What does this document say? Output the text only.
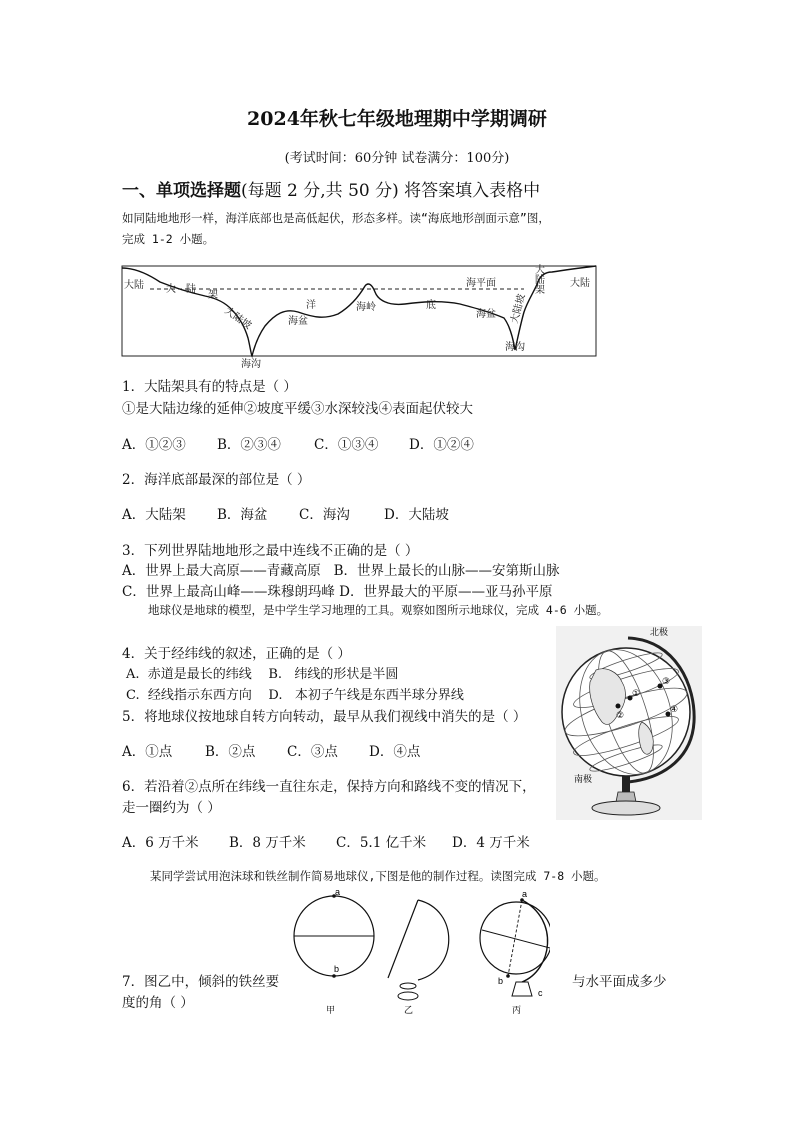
2024年秋七年级地理期中学期调研
(考试时间：60分钟 试卷满分：100分)
一、单项选择题(每题 2 分,共 50 分) 将答案填入表格中
如同陆地地形一样，海洋底部也是高低起伏，形态多样。读“海底地形剖面示意”图，
完成 1-2 小题。
大陆 大 陆
架
大陆坡
海沟
洋
海盆
海岭	底
海平面
海盆
海沟
大陆坡
大陆架	大陆
1．大陆架具有的特点是（ ）
①是大陆边缘的延伸②坡度平缓③水深较浅④表面起伏较大
A．①②③ B．②③④ C．①③④ D．①②④
2．海洋底部最深的部位是（ ）
A．大陆架 B．海盆 C．海沟	D．大陆坡
3．下列世界陆地地形之最中连线不正确的是（ ）
A．世界上最大高原——青藏高原   B．世界上最长的山脉——安第斯山脉
C．世界上最高山峰——珠穆朗玛峰 D．世界最大的平原——亚马孙平原
地球仪是地球的模型，是中学生学习地理的工具。观察如图所示地球仪，完成 4-6 小题。
4．关于经纬线的叙述，正确的是（ ）
A.  赤道是最长的纬线    B.   纬线的形状是半圆
C.  经线指示东西方向    D.   本初子午线是东西半球分界线
5．将地球仪按地球自转方向转动，最早从我们视线中消失的是（ ）
A．①点 B．②点 C．③点 D．④点
6．若沿着②点所在纬线一直往东走，保持方向和路线不变的情况下，
走一圈约为（ ）
A．6 万千米 B．8 万千米 C．5.1 亿千米 D．4 万千米
北极
南极
①
②
③
④
某同学尝试用泡沫球和铁丝制作简易地球仪,下图是他的制作过程。读图完成 7-8 小题。
a
b
甲	乙
a
b
c
丙
7．图乙中，倾斜的铁丝要	与水平面成多少
度的角（ ）
